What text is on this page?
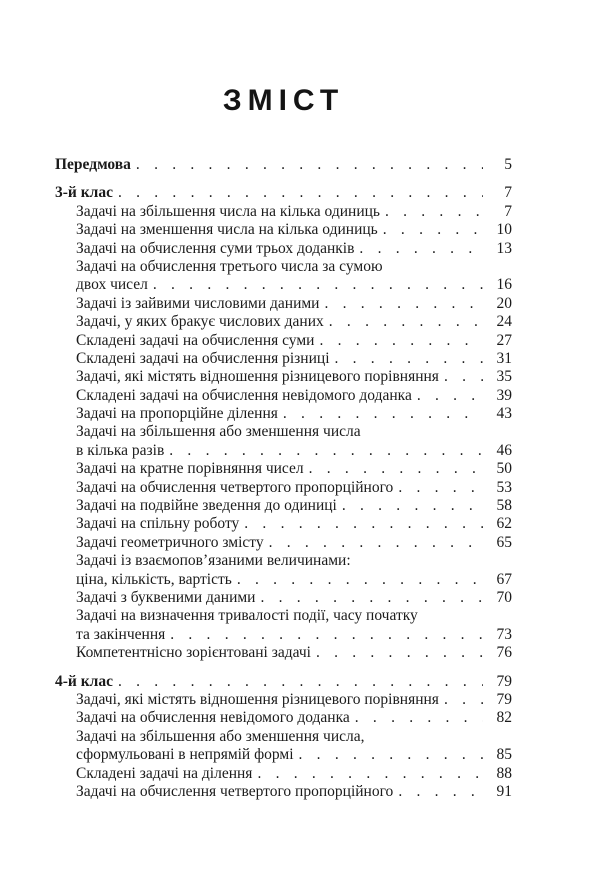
ЗМІСТ
Передмова . . .	5
3-й клас . . .	7
Задачі на збільшення числа на кілька одиниць . . .	7
Задачі на зменшення числа на кілька одиниць . . .	10
Задачі на обчислення суми трьох доданків . . .	13
Задачі на обчислення третього числа за сумою
двох чисел . . .	16
Задачі із зайвими числовими даними . . .	20
Задачі, у яких бракує числових даних . . .	24
Складені задачі на обчислення суми . . .	27
Складені задачі на обчислення різниці . . .	31
Задачі, які містять відношення різницевого порівняння . . .	35
Складені задачі на обчислення невідомого доданка . . .	39
Задачі на пропорційне ділення . . .	43
Задачі на збільшення або зменшення числа
в кілька разів . . .	46
Задачі на кратне порівняння чисел . . .	50
Задачі на обчислення четвертого пропорційного . . .	53
Задачі на подвійне зведення до одиниці . . .	58
Задачі на спільну роботу . . .	62
Задачі геометричного змісту . . .	65
Задачі із взаємопов’язаними величинами:
ціна, кількість, вартість . . .	67
Задачі з буквеними даними . . .	70
Задачі на визначення тривалості події, часу початку
та закінчення . . .	73
Компетентнісно зорієнтовані задачі . . .	76
4-й клас . . .	79
Задачі, які містять відношення різницевого порівняння . . .	79
Задачі на обчислення невідомого доданка . . .	82
Задачі на збільшення або зменшення числа,
сформульовані в непрямій формі . . .	85
Складені задачі на ділення . . .	88
Задачі на обчислення четвертого пропорційного . . .	91
